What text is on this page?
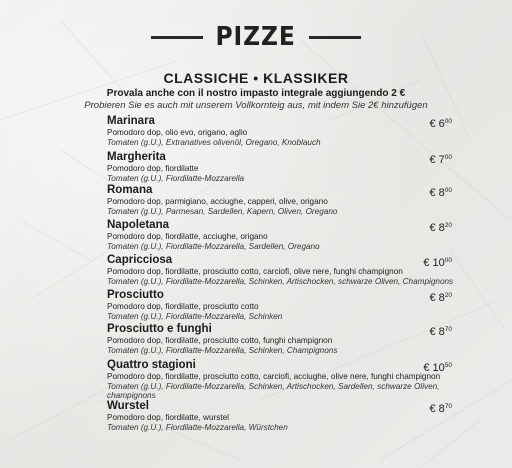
PIZZE
CLASSICHE • KLASSIKER
Provala anche con il nostro impasto integrale aggiungendo 2 €
Probieren Sie es auch mit unserem Vollkornteig aus, mit indem Sie 2€ hinzufügen
Marinara
Pomodoro dop, olio evo, origano, aglio
Tomaten (g.U.), Extranatives olivenöl, Oregano, Knoblauch
€ $6^{00}$
Margherita
Pomodoro dop, fiordilatte
Tomaten (g.U.), Fiordilatte-Mozzarella
€ $7^{00}$
Romana
Pomodoro dop, parmigiano, acciughe, capperi, olive, origano
Tomaten (g.U.), Parmesan, Sardellen, Kapern, Oliven, Oregano
€ $8^{00}$
Napoletana
Pomodoro dop, fiordilatte, acciughe, origano
Tomaten (g.U.), Fiordilatte-Mozzarella, Sardellen, Oregano
€ $8^{20}$
Capricciosa
Pomodoro dop, fiordilatte, prosciutto cotto, carciofi, olive nere, funghi champignon
Tomaten (g.U.), Fiordilatte-Mozzarella, Schinken, Artischocken, schwarze Oliven, Champignons
€ $10^{00}$
Prosciutto
Pomodoro dop, fiordilatte, prosciutto cotto
Tomaten (g.U.), Fiordilatte-Mozzarella, Schinken
€ $8^{20}$
Prosciutto e funghi
Pomodoro dop, fiordilatte, prosciutto cotto, funghi champignon
Tomaten (g.U.), Fiordilatte-Mozzarella, Schinken, Champignons
€ $8^{70}$
Quattro stagioni
Pomodoro dop, fiordilatte, prosciutto cotto, carciofi, acciughe, olive nere, funghi champignon
Tomaten (g.U.), Fiordilatte-Mozzarella, Schinken, Artischocken, Sardellen, schwarze Oliven, champignons
€ $10^{50}$
Wurstel
Pomodoro dop, fiordilatte, wurstel
Tomaten (g.U.), Fiordilatte-Mozzarella, Würstchen
€ $8^{70}$
